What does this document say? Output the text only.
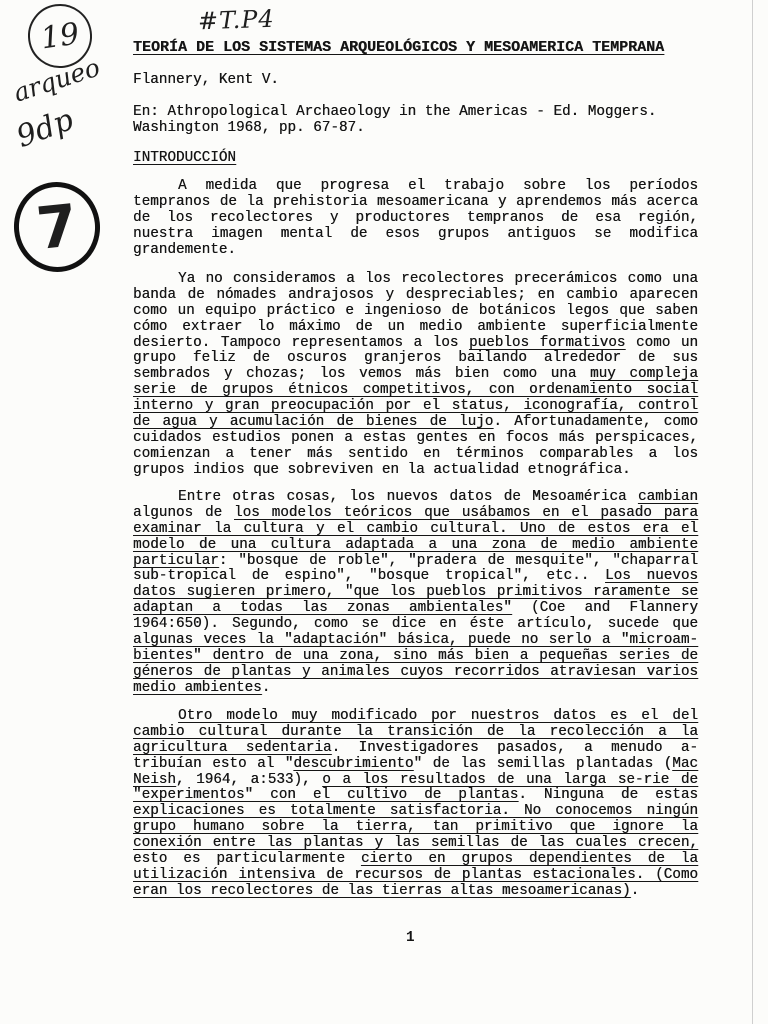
#T.P4
19
arqueo
9dp
7
TEORÍA DE LOS SISTEMAS ARQUEOLÓGICOS Y MESOAMERICA TEMPRANA
Flannery, Kent V.
En: Athropological Archaeology in the Americas - Ed. Moggers.
Washington 1968, pp. 67-87.
INTRODUCCIÓN
A medida que progresa el trabajo sobre los períodos
tempranos de la prehistoria mesoamericana y aprendemos más acerca
de los recolectores y productores tempranos de esa región,
nuestra imagen mental de esos grupos antiguos se modifica
grandemente.
Ya no consideramos a los recolectores precerámicos como una
banda de nómades andrajosos y despreciables; en cambio aparecen
como un equipo práctico e ingenioso de botánicos legos que saben
cómo extraer lo máximo de un medio ambiente superficialmente
desierto. Tampoco representamos a los pueblos formativos como un
grupo feliz de oscuros granjeros bailando alrededor de sus
sembrados y chozas; los vemos más bien como una muy compleja
serie de grupos étnicos competitivos, con ordenamiento social
interno y gran preocupación por el status, iconografía, control
de agua y acumulación de bienes de lujo. Afortunadamente, como
cuidados estudios ponen a estas gentes en focos más perspicaces,
comienzan a tener más sentido en términos comparables a los
grupos indios que sobreviven en la actualidad etnográfica.
Entre otras cosas, los nuevos datos de Mesoamérica cambian
algunos de los modelos teóricos que usábamos en el pasado para
examinar la cultura y el cambio cultural. Uno de estos era el
modelo de una cultura adaptada a una zona de medio ambiente
particular: "bosque de roble", "pradera de mesquite", "chaparral
sub-tropical de espino", "bosque tropical", etc.. Los nuevos
datos sugieren primero, "que los pueblos primitivos raramente se
adaptan a todas las zonas ambientales" (Coe and Flannery
1964:650). Segundo, como se dice en éste artículo, sucede que
algunas veces la "adaptación" básica, puede no serlo a "microam-
bientes" dentro de una zona, sino más bien a pequeñas series de
géneros de plantas y animales cuyos recorridos atraviesan varios
medio ambientes.
Otro modelo muy modificado por nuestros datos es el del
cambio cultural durante la transición de la recolección a la
agricultura sedentaria. Investigadores pasados, a menudo a-
tribuían esto al "descubrimiento" de las semillas plantadas (Mac
Neish, 1964, a:533), o a los resultados de una larga se-rie de
"experimentos" con el cultivo de plantas. Ninguna de estas
explicaciones es totalmente satisfactoria. No conocemos ningún
grupo humano sobre la tierra, tan primitivo que ignore la
conexión entre las plantas y las semillas de las cuales crecen,
esto es particularmente cierto en grupos dependientes de la
utilización intensiva de recursos de plantas estacionales. (Como
eran los recolectores de las tierras altas mesoamericanas).
1
